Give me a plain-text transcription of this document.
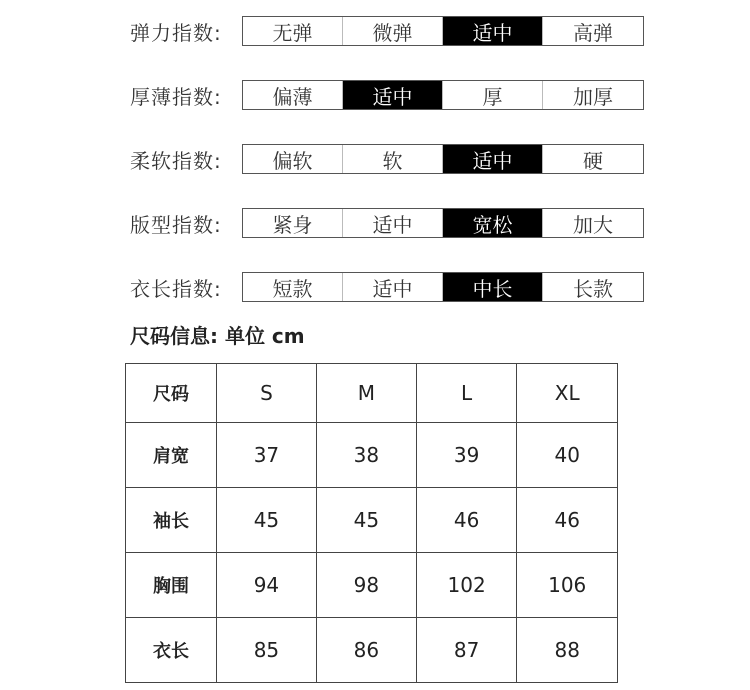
弹力指数:	无弹	微弹	适中	高弹
厚薄指数:	偏薄	适中	厚	加厚
柔软指数:	偏软	软	适中	硬
版型指数:	紧身	适中	宽松	加大
衣长指数:	短款	适中	中长	长款
尺码信息: 单位 cm
尺码	S	M	L	XL
肩宽	37	38	39	40
袖长	45	45	46	46
胸围	94	98	102	106
衣长	85	86	87	88
